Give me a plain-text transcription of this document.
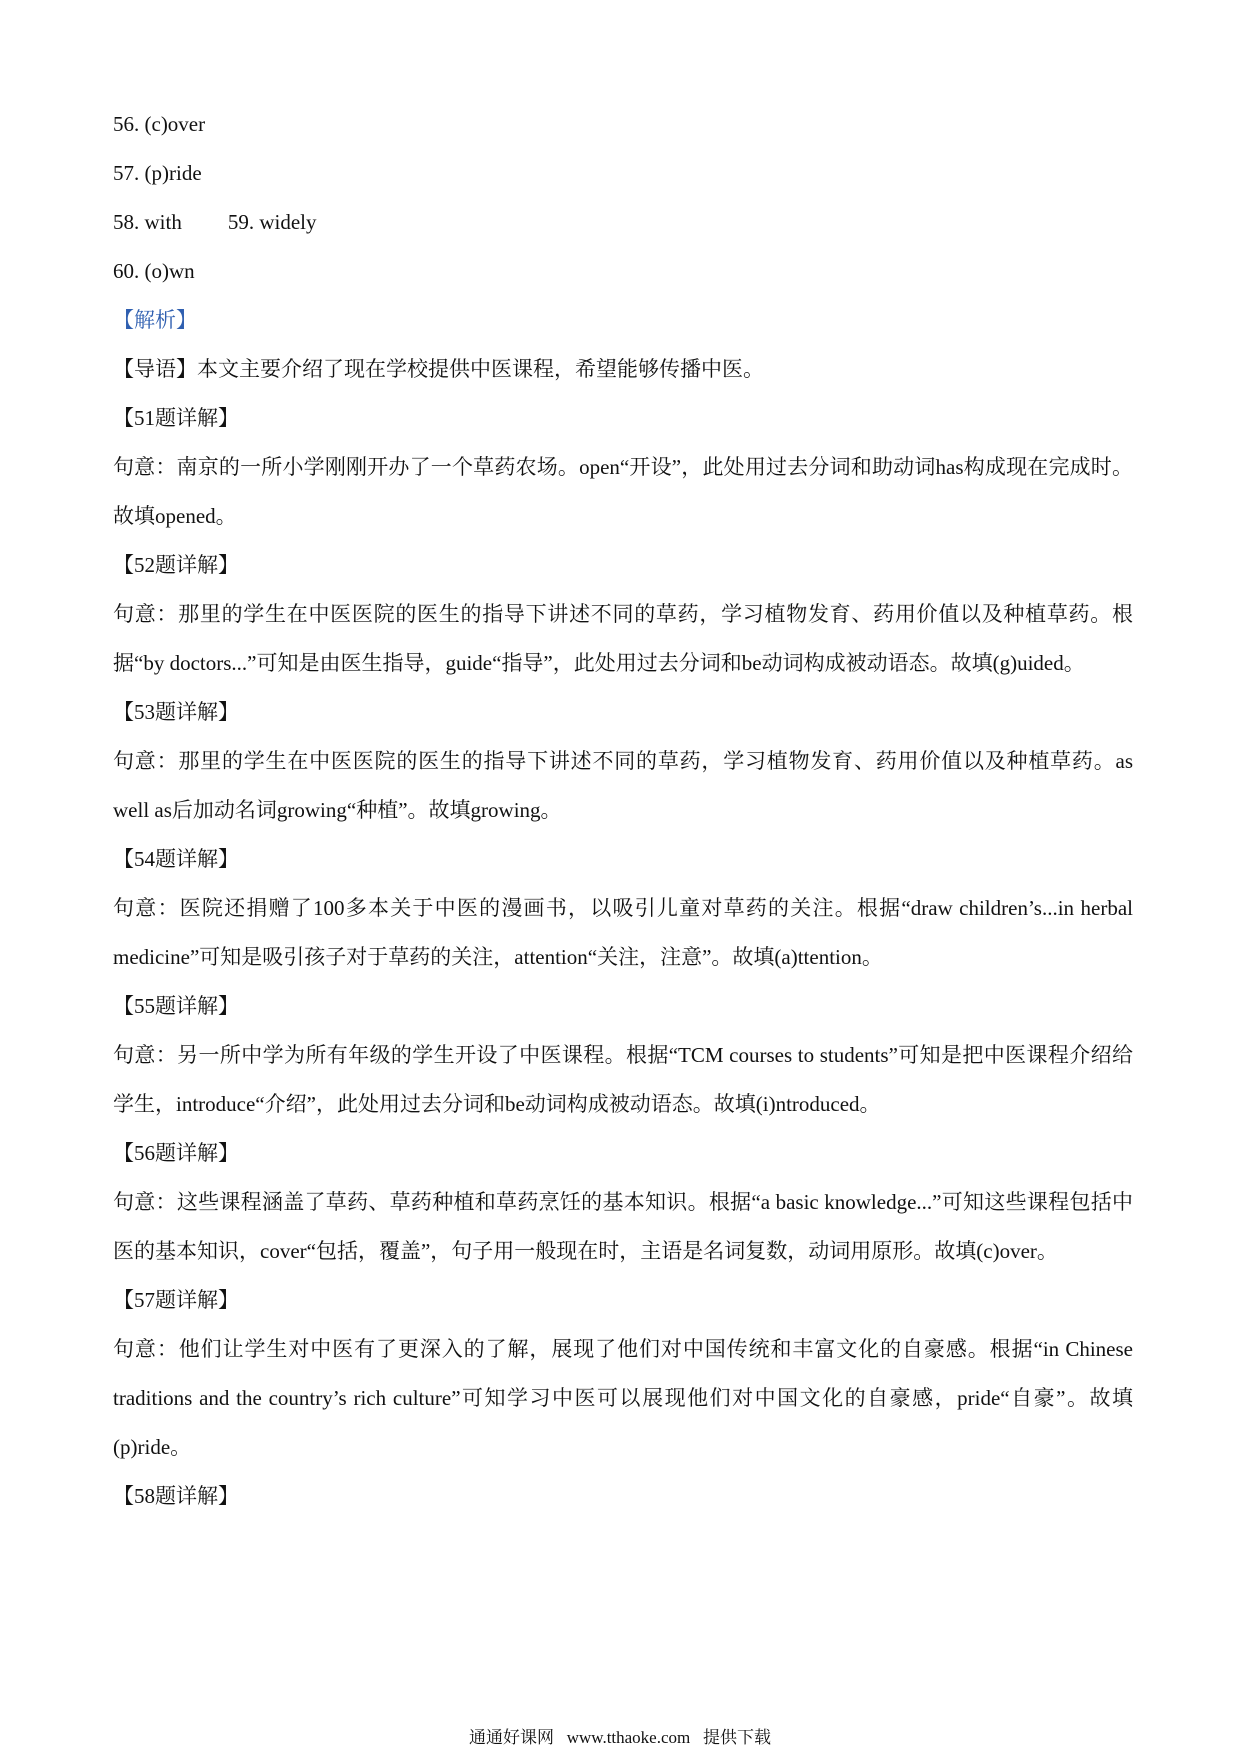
56. (c)over
57. (p)ride
58. with 59. widely
60. (o)wn
【解析】
【导语】本文主要介绍了现在学校提供中医课程，希望能够传播中医。
【51题详解】
句意：南京的一所小学刚刚开办了一个草药农场。open“开设”，此处用过去分词和助动词has构成现在完成时。故填opened。
【52题详解】
句意：那里的学生在中医医院的医生的指导下讲述不同的草药，学习植物发育、药用价值以及种植草药。根据“by doctors...”可知是由医生指导，guide“指导”，此处用过去分词和be动词构成被动语态。故填(g)uided。
【53题详解】
句意：那里的学生在中医医院的医生的指导下讲述不同的草药，学习植物发育、药用价值以及种植草药。as well as后加动名词growing“种植”。故填growing。
【54题详解】
句意：医院还捐赠了100多本关于中医的漫画书，以吸引儿童对草药的关注。根据“draw children’s...in herbal medicine”可知是吸引孩子对于草药的关注，attention“关注，注意”。故填(a)ttention。
【55题详解】
句意：另一所中学为所有年级的学生开设了中医课程。根据“TCM courses to students”可知是把中医课程介绍给学生，introduce“介绍”，此处用过去分词和be动词构成被动语态。故填(i)ntroduced。
【56题详解】
句意：这些课程涵盖了草药、草药种植和草药烹饪的基本知识。根据“a basic knowledge...”可知这些课程包括中医的基本知识，cover“包括，覆盖”，句子用一般现在时，主语是名词复数，动词用原形。故填(c)over。
【57题详解】
句意：他们让学生对中医有了更深入的了解，展现了他们对中国传统和丰富文化的自豪感。根据“in Chinese traditions and the country’s rich culture”可知学习中医可以展现他们对中国文化的自豪感，pride“自豪”。故填(p)ride。
【58题详解】
通通好课网   www.tthaoke.com   提供下载
